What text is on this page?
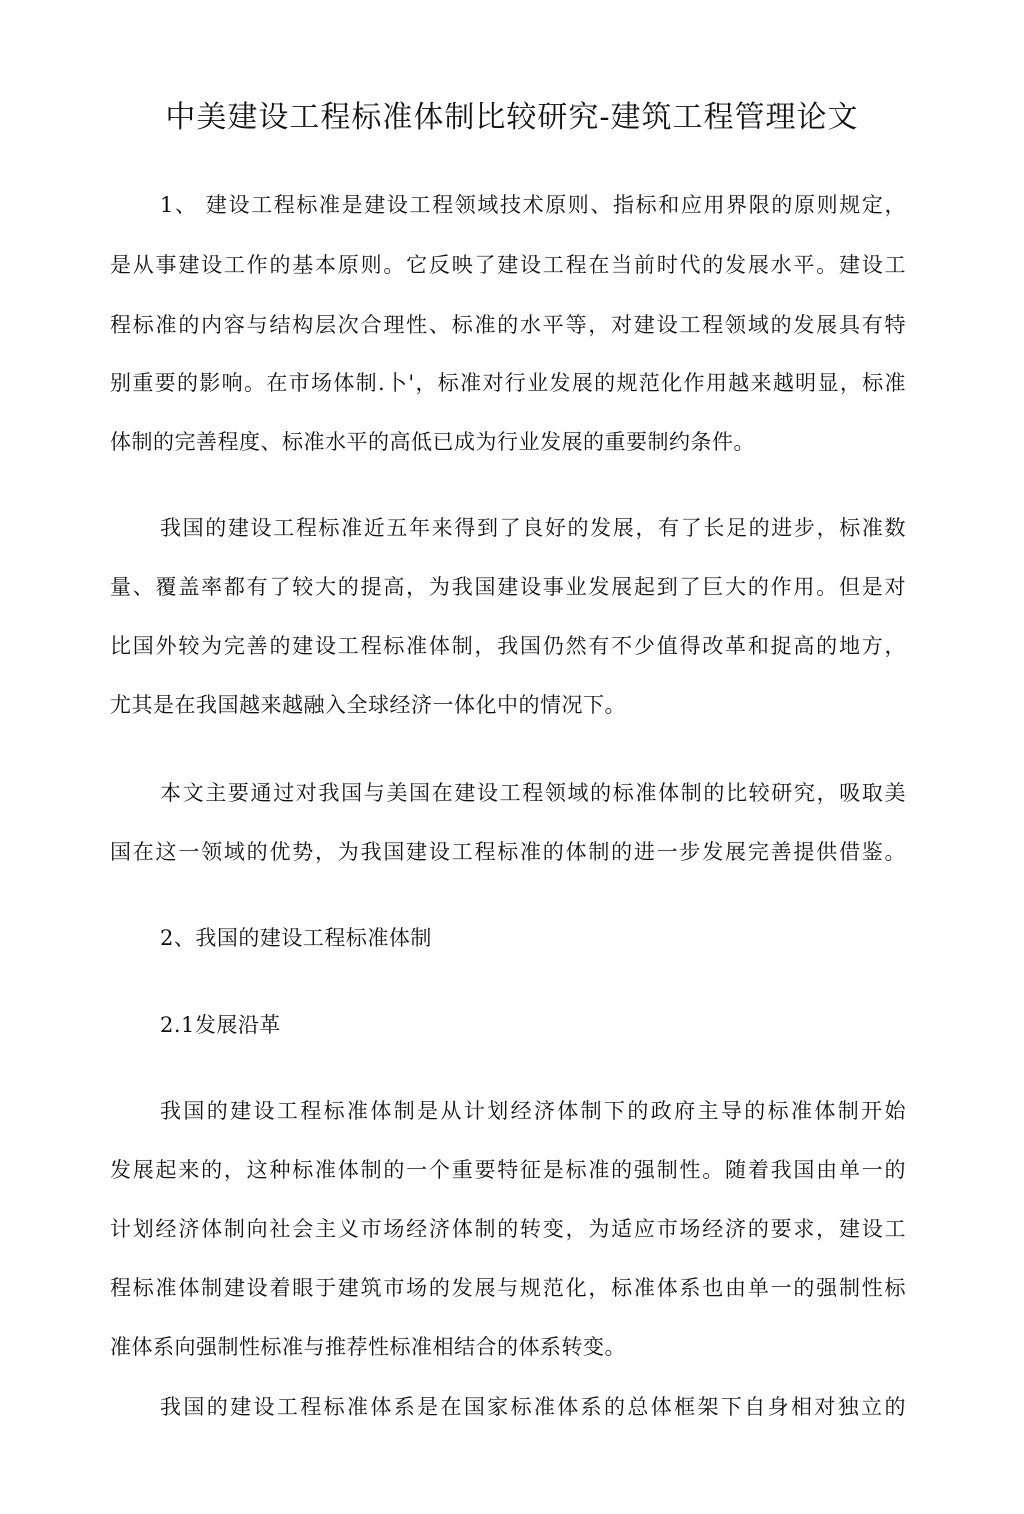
中美建设工程标准体制比较研究-建筑工程管理论文
1、 建设工程标准是建设工程领域技术原则、指标和应用界限的原则规定，
是从事建设工作的基本原则。它反映了建设工程在当前时代的发展水平。建设工
程标准的内容与结构层次合理性、标准的水平等，对建设工程领域的发展具有特
别重要的影响。在市场体制.卜'，标准对行业发展的规范化作用越来越明显，标准
体制的完善程度、标准水平的高低已成为行业发展的重要制约条件。
我国的建设工程标准近五年来得到了良好的发展，有了长足的进步，标准数
量、覆盖率都有了较大的提高，为我国建设事业发展起到了巨大的作用。但是对
比国外较为完善的建设工程标准体制，我国仍然有不少值得改革和捉高的地方，
尤其是在我国越来越融入全球经济一体化中的情况下。
本文主要通过对我国与美国在建设工程领域的标准体制的比较研究，吸取美
国在这一领域的优势，为我国建设工程标准的体制的进一步发展完善提供借鉴。
2、我国的建设工程标准体制
2.1发展沿革
我国的建设工程标准体制是从计划经济体制下的政府主导的标准体制开始
发展起来的，这种标准体制的一个重要特征是标准的强制性。随着我国由单一的
计划经济体制向社会主义市场经济体制的转变，为适应市场经济的要求，建设工
程标准体制建设着眼于建筑市场的发展与规范化，标准体系也由单一的强制性标
准体系向强制性标准与推荐性标准相结合的体系转变。
我国的建设工程标准体系是在国家标准体系的总体框架下自身相对独立的
